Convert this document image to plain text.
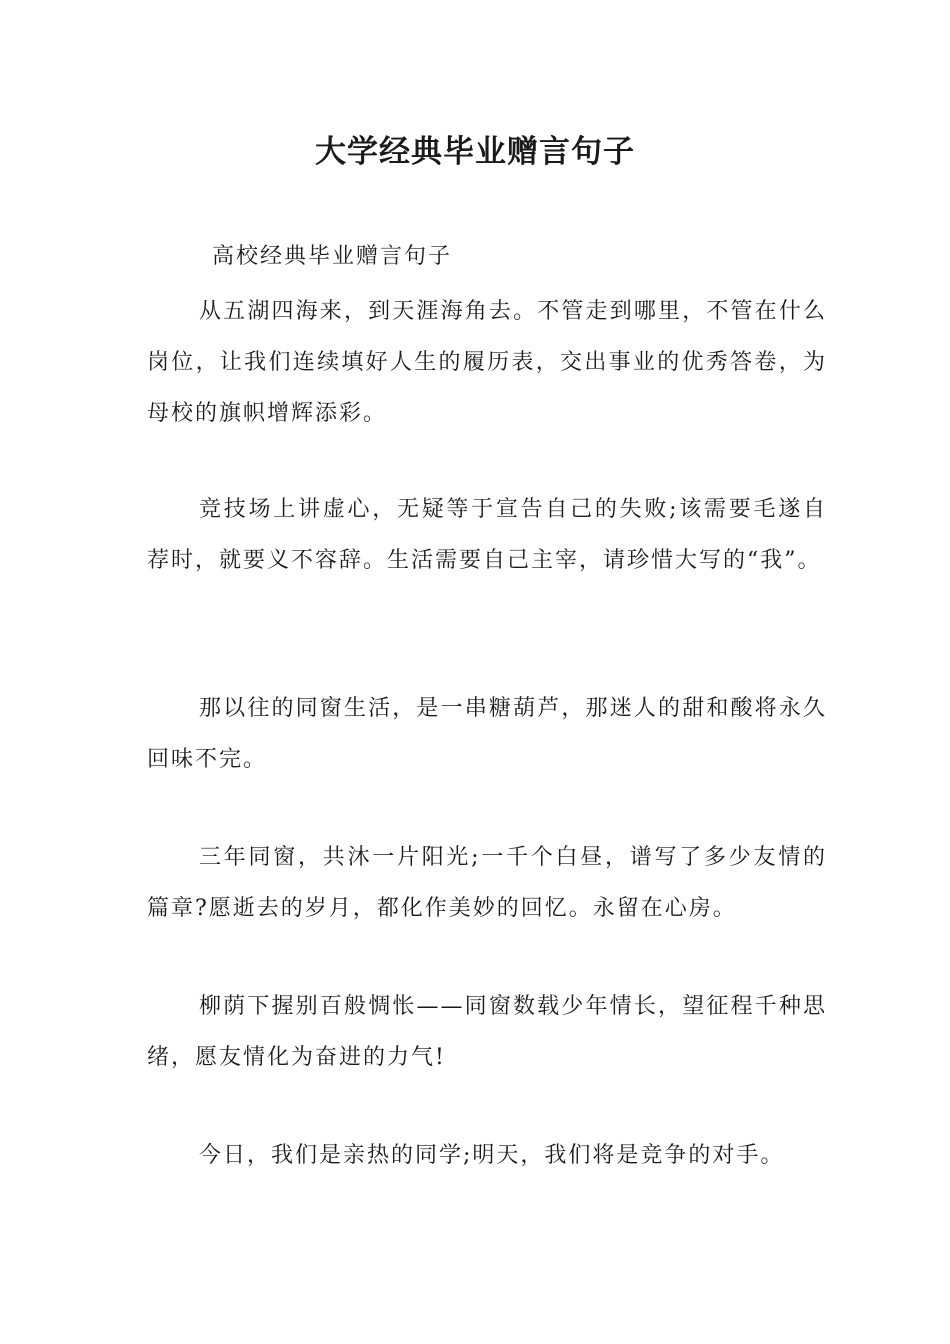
大学经典毕业赠言句子

高校经典毕业赠言句子

从五湖四海来，到天涯海角去。不管走到哪里，不管在什么岗位，让我们连续填好人生的履历表，交出事业的优秀答卷，为母校的旗帜增辉添彩。

竞技场上讲虚心，无疑等于宣告自己的失败;该需要毛遂自荐时，就要义不容辞。生活需要自己主宰，请珍惜大写的“我”。

那以往的同窗生活，是一串糖葫芦，那迷人的甜和酸将永久回味不完。

三年同窗，共沐一片阳光;一千个白昼，谱写了多少友情的篇章?愿逝去的岁月，都化作美妙的回忆。永留在心房。

柳荫下握别百般惆怅——同窗数载少年情长，望征程千种思绪，愿友情化为奋进的力气!

今日，我们是亲热的同学;明天，我们将是竞争的对手。
